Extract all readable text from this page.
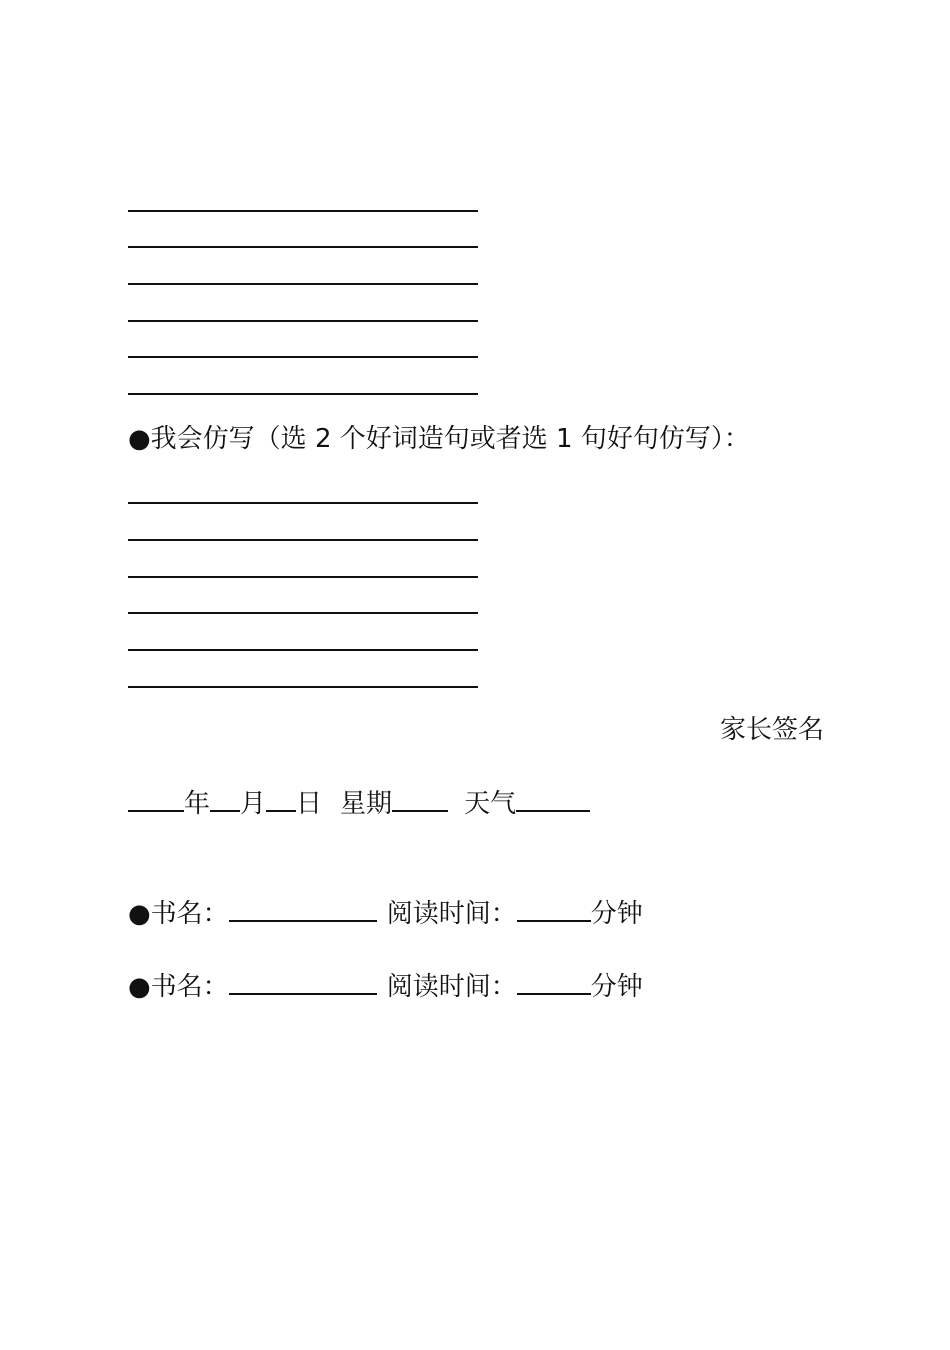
●我会仿写（选 2 个好词造句或者选 1 句好句仿写）：
家长签名
年 月 日 星期	天气
●书名：	阅读时间：	分钟
●书名：	阅读时间：	分钟
